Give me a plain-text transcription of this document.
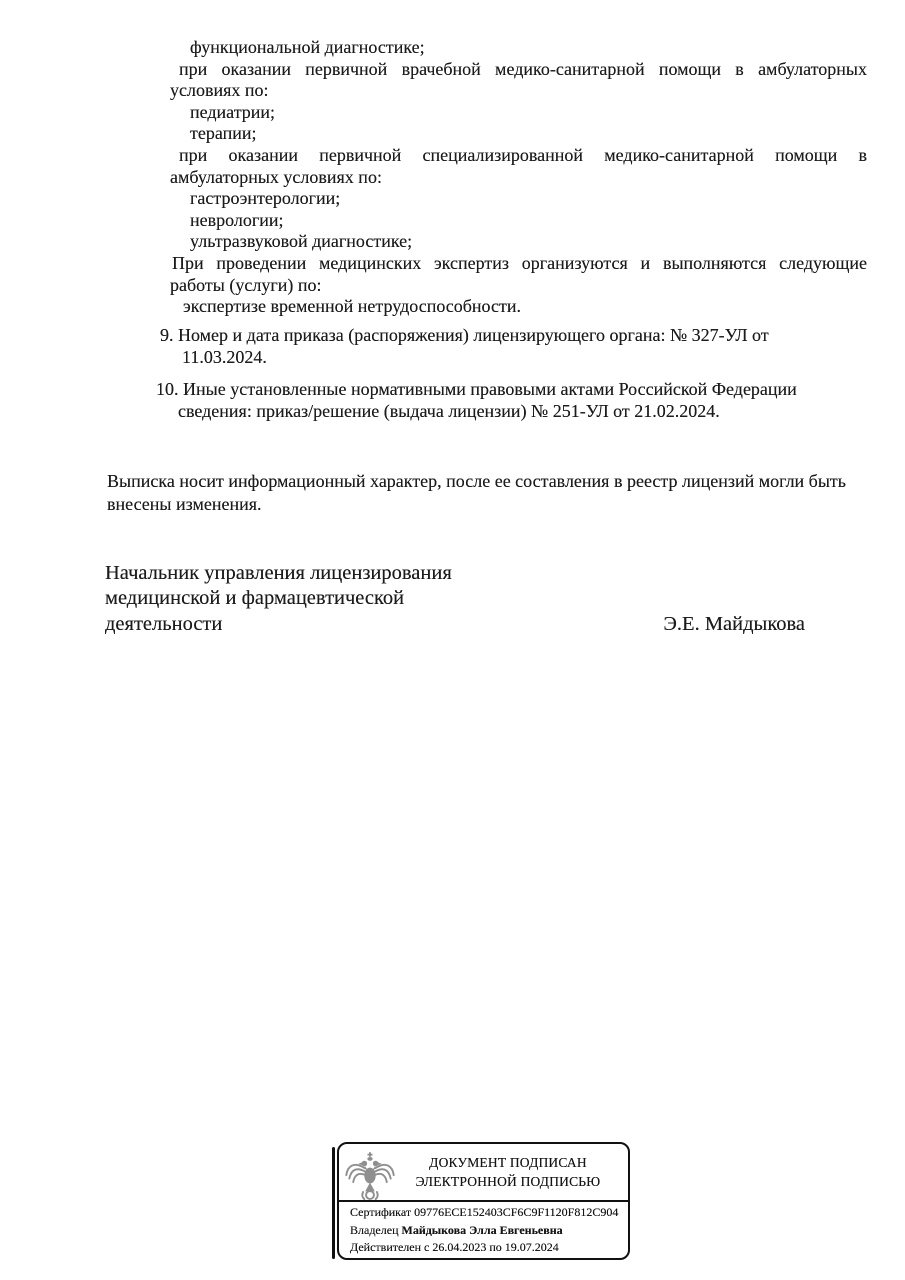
функциональной диагностике;
при оказании первичной врачебной медико-санитарной помощи в амбулаторных
условиях по:
педиатрии;
терапии;
при оказании первичной специализированной медико-санитарной помощи в
амбулаторных условиях по:
гастроэнтерологии;
неврологии;
ультразвуковой диагностике;
При проведении медицинских экспертиз организуются и выполняются следующие
работы (услуги) по:
экспертизе временной нетрудоспособности.
9. Номер и дата приказа (распоряжения) лицензирующего органа: № 327-УЛ от
11.03.2024.
10. Иные установленные нормативными правовыми актами Российской Федерации
сведения: приказ/решение (выдача лицензии) № 251-УЛ от 21.02.2024.
Выписка носит информационный характер, после ее составления в реестр лицензий могли быть
внесены изменения.
Начальник управления лицензирования
медицинской и фармацевтической
деятельности	Э.Е. Майдыкова
ДОКУМЕНТ ПОДПИСАН
ЭЛЕКТРОННОЙ ПОДПИСЬЮ
Сертификат 09776ECE152403CF6C9F1120F812C904
Владелец Майдыкова Элла Евгеньевна
Действителен с 26.04.2023 по 19.07.2024
